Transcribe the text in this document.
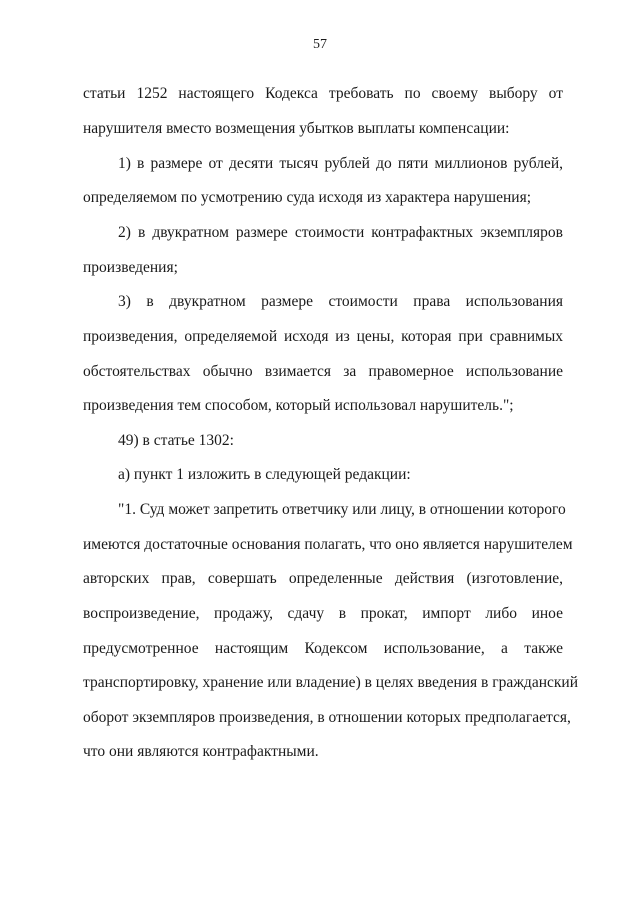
57
статьи 1252 настоящего Кодекса требовать по своему выбору от
нарушителя вместо возмещения убытков выплаты компенсации:
1) в размере от десяти тысяч рублей до пяти миллионов рублей,
определяемом по усмотрению суда исходя из характера нарушения;
2) в двукратном размере стоимости контрафактных экземпляров
произведения;
3) в двукратном размере стоимости права использования
произведения, определяемой исходя из цены, которая при сравнимых
обстоятельствах обычно взимается за правомерное использование
произведения тем способом, который использовал нарушитель.";
49) в статье 1302:
а) пункт 1 изложить в следующей редакции:
"1. Суд может запретить ответчику или лицу, в отношении которого
имеются достаточные основания полагать, что оно является нарушителем
авторских прав, совершать определенные действия (изготовление,
воспроизведение, продажу, сдачу в прокат, импорт либо иное
предусмотренное настоящим Кодексом использование, а также
транспортировку, хранение или владение) в целях введения в гражданский
оборот экземпляров произведения, в отношении которых предполагается,
что они являются контрафактными.
